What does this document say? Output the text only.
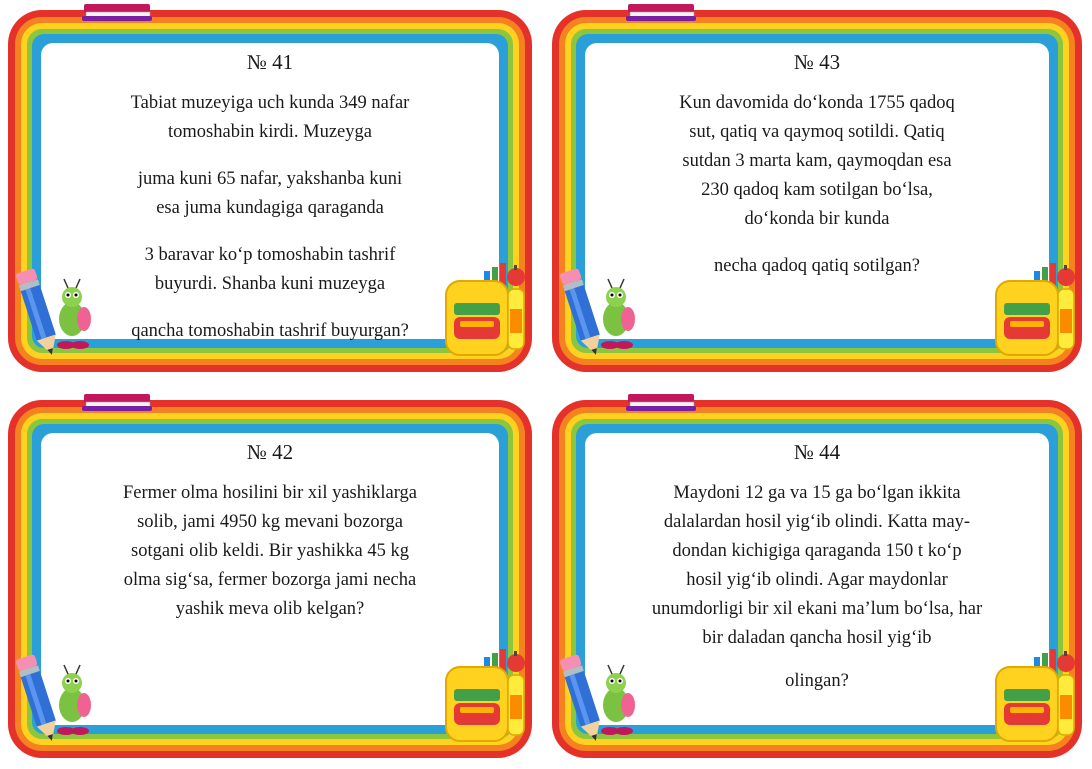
№ 41
Tabiat muzeyiga uch kunda 349 nafar
tomoshabin kirdi. Muzeyga
juma kuni 65 nafar, yakshanba kuni
esa juma kundagiga qaraganda
3 baravar ko‘p tomoshabin tashrif
buyurdi. Shanba kuni muzeyga
qancha tomoshabin tashrif buyurgan?
№ 43
Kun davomida do‘konda 1755 qadoq
sut, qatiq va qaymoq sotildi. Qatiq
sutdan 3 marta kam, qaymoqdan esa
230 qadoq kam sotilgan bo‘lsa,
do‘konda bir kunda
necha qadoq qatiq sotilgan?
№ 42
Fermer olma hosilini bir xil yashiklarga
solib, jami 4950 kg mevani bozorga
sotgani olib keldi. Bir yashikka 45 kg
olma sig‘sa, fermer bozorga jami necha
yashik meva olib kelgan?
№ 44
Maydoni 12 ga va 15 ga bo‘lgan ikkita
dalalardan hosil yig‘ib olindi. Katta may-
dondan kichigiga qaraganda 150 t ko‘p
hosil yig‘ib olindi. Agar maydonlar
unumdorligi bir xil ekani ma’lum bo‘lsa, har
bir daladan qancha hosil yig‘ib
olingan?
